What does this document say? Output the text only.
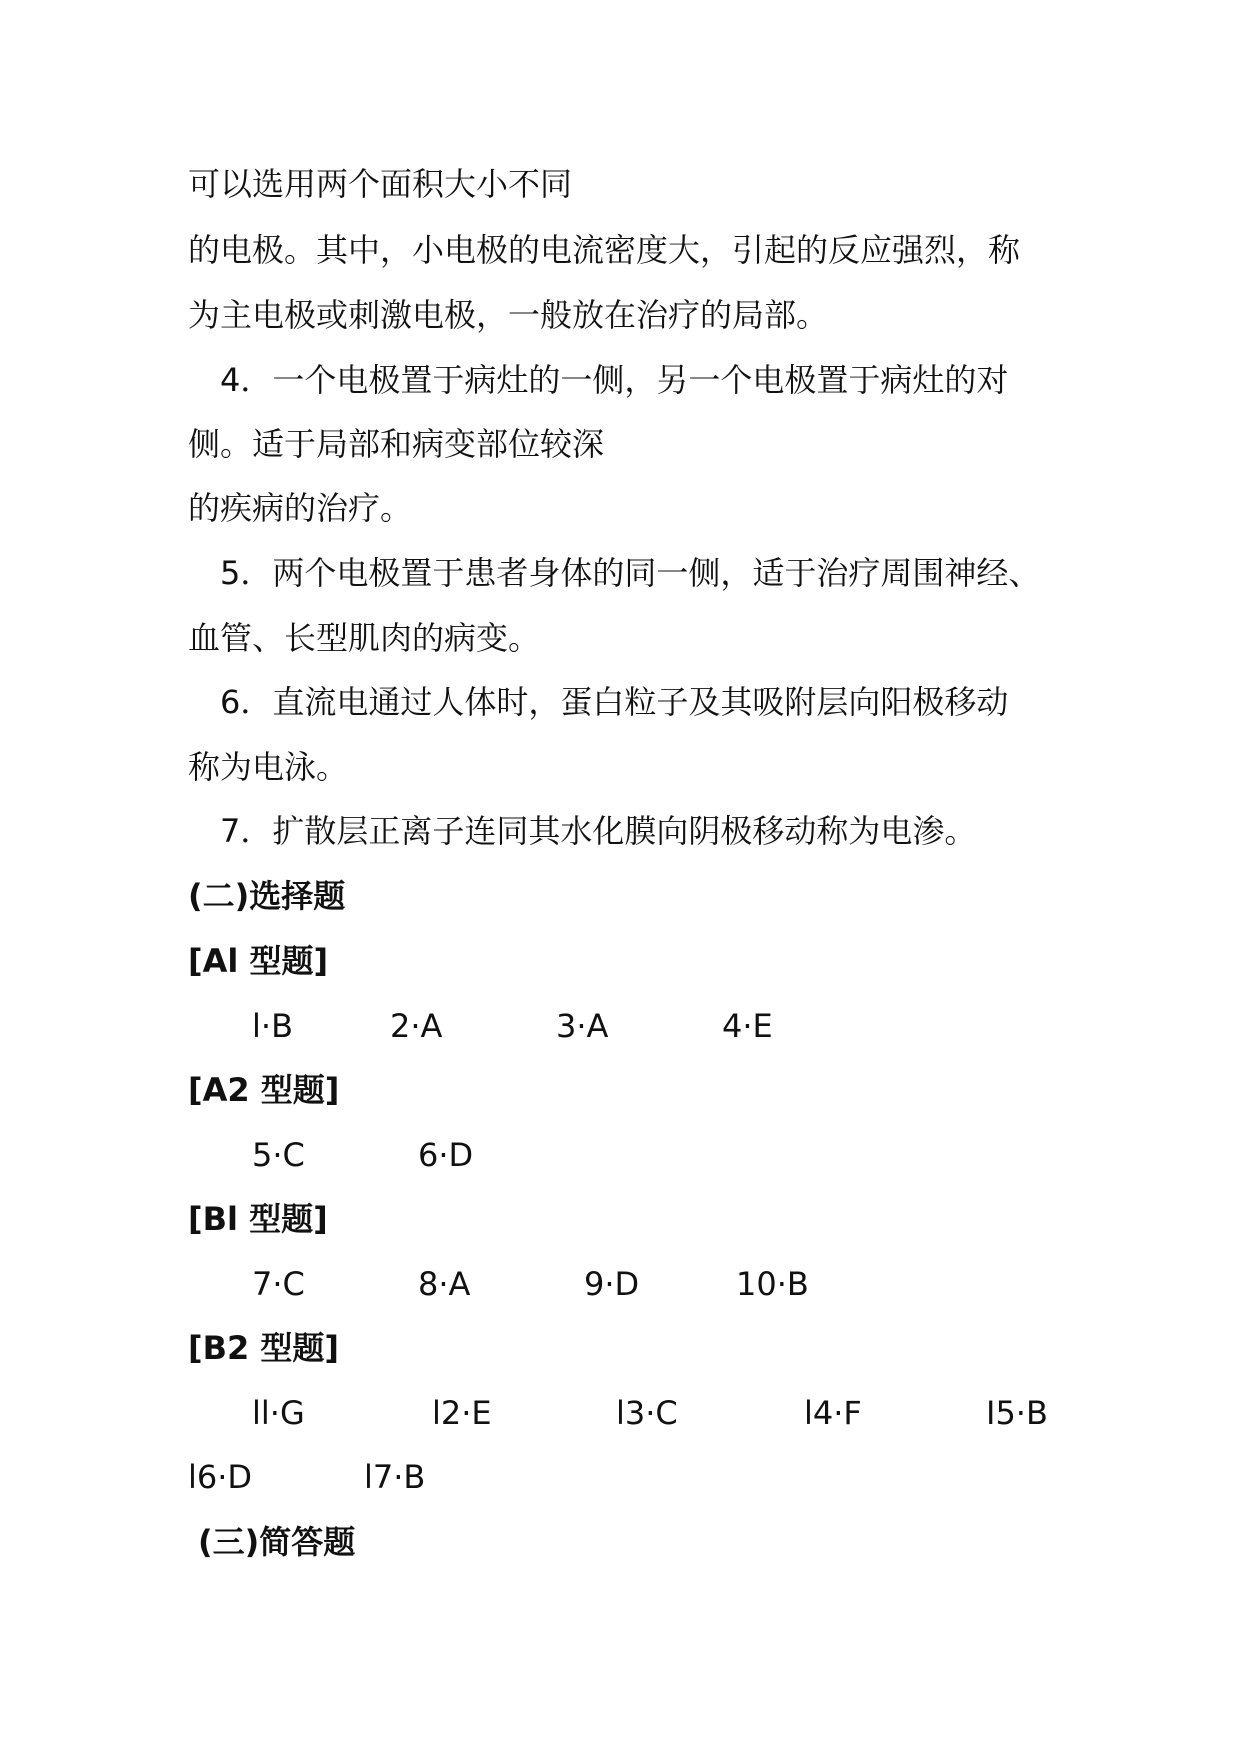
可以选用两个面积大小不同
的电极。其中，小电极的电流密度大，引起的反应强烈，称
为主电极或刺激电极，一般放在治疗的局部。
4．一个电极置于病灶的一侧，另一个电极置于病灶的对
侧。适于局部和病变部位较深
的疾病的治疗。
5．两个电极置于患者身体的同一侧，适于治疗周围神经、
血管、长型肌肉的病变。
6．直流电通过人体时，蛋白粒子及其吸附层向阳极移动
称为电泳。
7．扩散层正离子连同其水化膜向阴极移动称为电渗。
(二)选择题
[Al 型题]
l·B	2·A	3·A	4·E
[A2 型题]
5·C	6·D
[Bl 型题]
7·C	8·A	9·D	10·B
[B2 型题]
ll·G	l2·E	l3·C	l4·F	I5·B
l6·D	l7·B
(三)简答题
